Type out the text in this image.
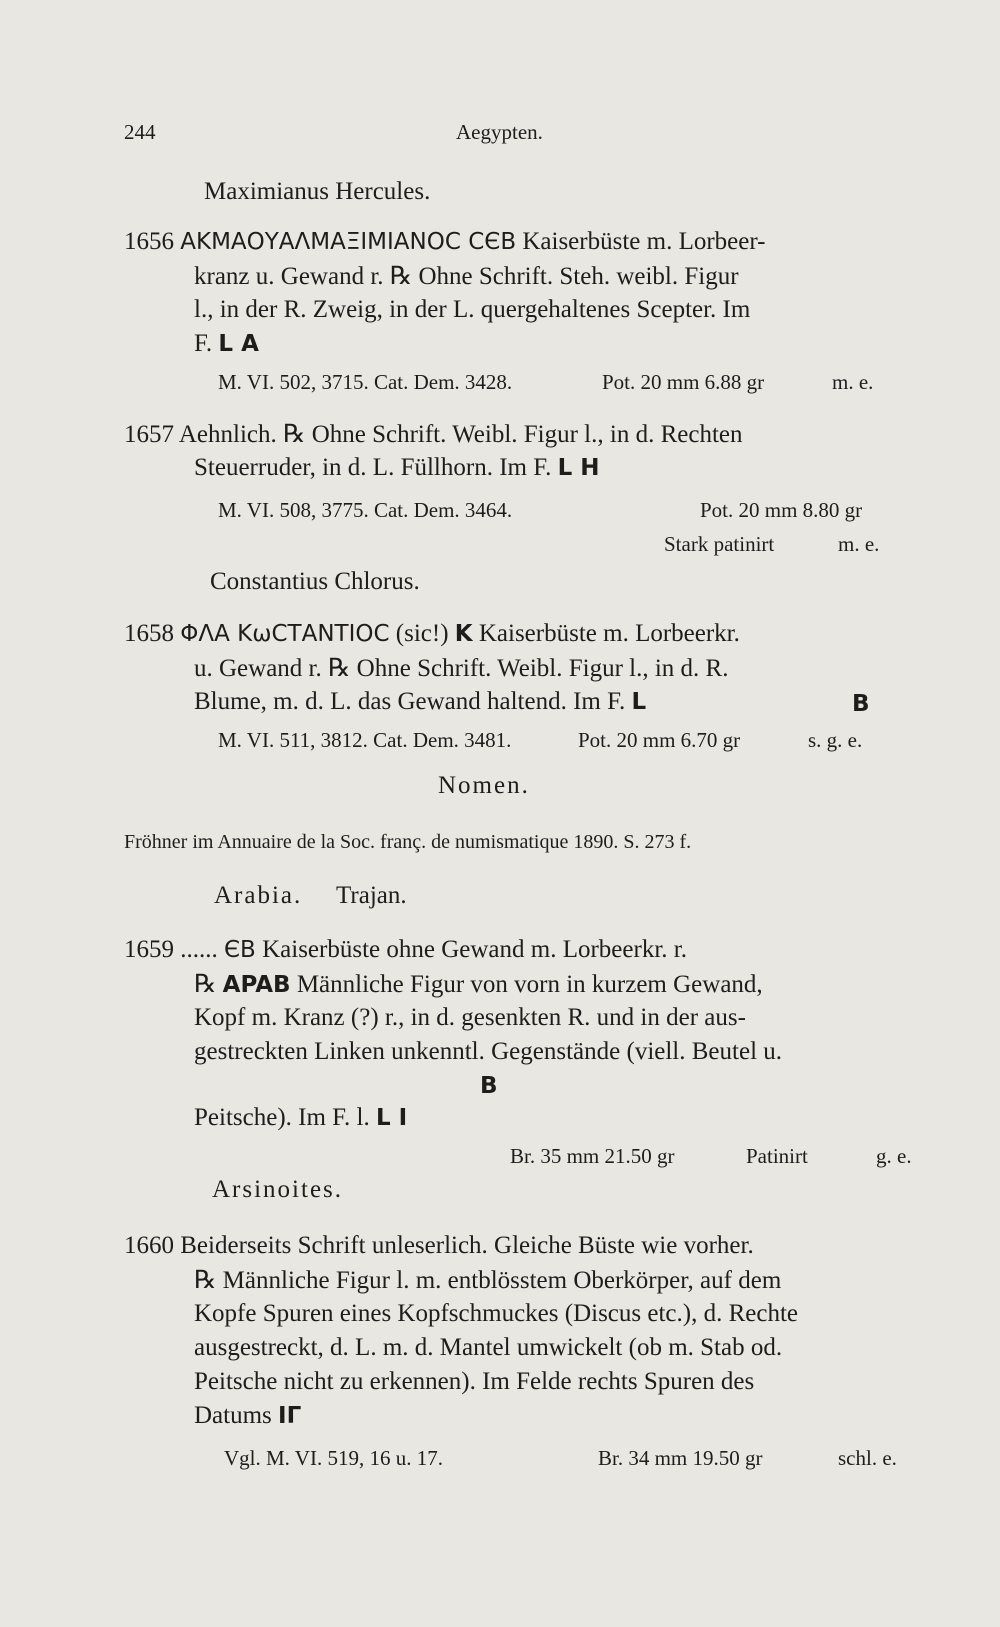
244	Aegypten.
Maximianus Hercules.
1656 ΑΚΜΑΟΥΑΛΜΑΞΙΜΙΑΝΟC CЄB Kaiserbüste m. Lorbeer-
kranz u. Gewand r. ℞ Ohne Schrift. Steh. weibl. Figur
l., in der R. Zweig, in der L. quergehaltenes Scepter. Im
F. L A
M. VI. 502, 3715. Cat. Dem. 3428.	Pot. 20 mm 6.88 gr	m. e.
1657 Aehnlich. ℞ Ohne Schrift. Weibl. Figur l., in d. Rechten
Steuerruder, in d. L. Füllhorn. Im F. L H
M. VI. 508, 3775. Cat. Dem. 3464.	Pot. 20 mm 8.80 gr
Stark patinirt	m. e.
Constantius Chlorus.
1658 ΦΛΑ ΚωCΤΑΝΤΙΟC (sic!) K Kaiserbüste m. Lorbeerkr.
u. Gewand r. ℞ Ohne Schrift. Weibl. Figur l., in d. R.
Blume, m. d. L. das Gewand haltend. Im F. L	B
M. VI. 511, 3812. Cat. Dem. 3481.	Pot. 20 mm 6.70 gr	s. g. e.
Nomen.
Fröhner im Annuaire de la Soc. franç. de numismatique 1890. S. 273 f.
Arabia. Trajan.
1659 ...... ЄB Kaiserbüste ohne Gewand m. Lorbeerkr. r.
℞ APAB Männliche Figur von vorn in kurzem Gewand,
Kopf m. Kranz (?) r., in d. gesenkten R. und in der aus-
gestreckten Linken unkenntl. Gegenstände (viell. Beutel u.
B
Peitsche). Im F. l. L I
Br. 35 mm 21.50 gr	Patinirt	g. e.
Arsinoites.
1660 Beiderseits Schrift unleserlich. Gleiche Büste wie vorher.
℞ Männliche Figur l. m. entblösstem Oberkörper, auf dem
Kopfe Spuren eines Kopfschmuckes (Discus etc.), d. Rechte
ausgestreckt, d. L. m. d. Mantel umwickelt (ob m. Stab od.
Peitsche nicht zu erkennen). Im Felde rechts Spuren des
Datums IΓ
Vgl. M. VI. 519, 16 u. 17.	Br. 34 mm 19.50 gr	schl. e.
